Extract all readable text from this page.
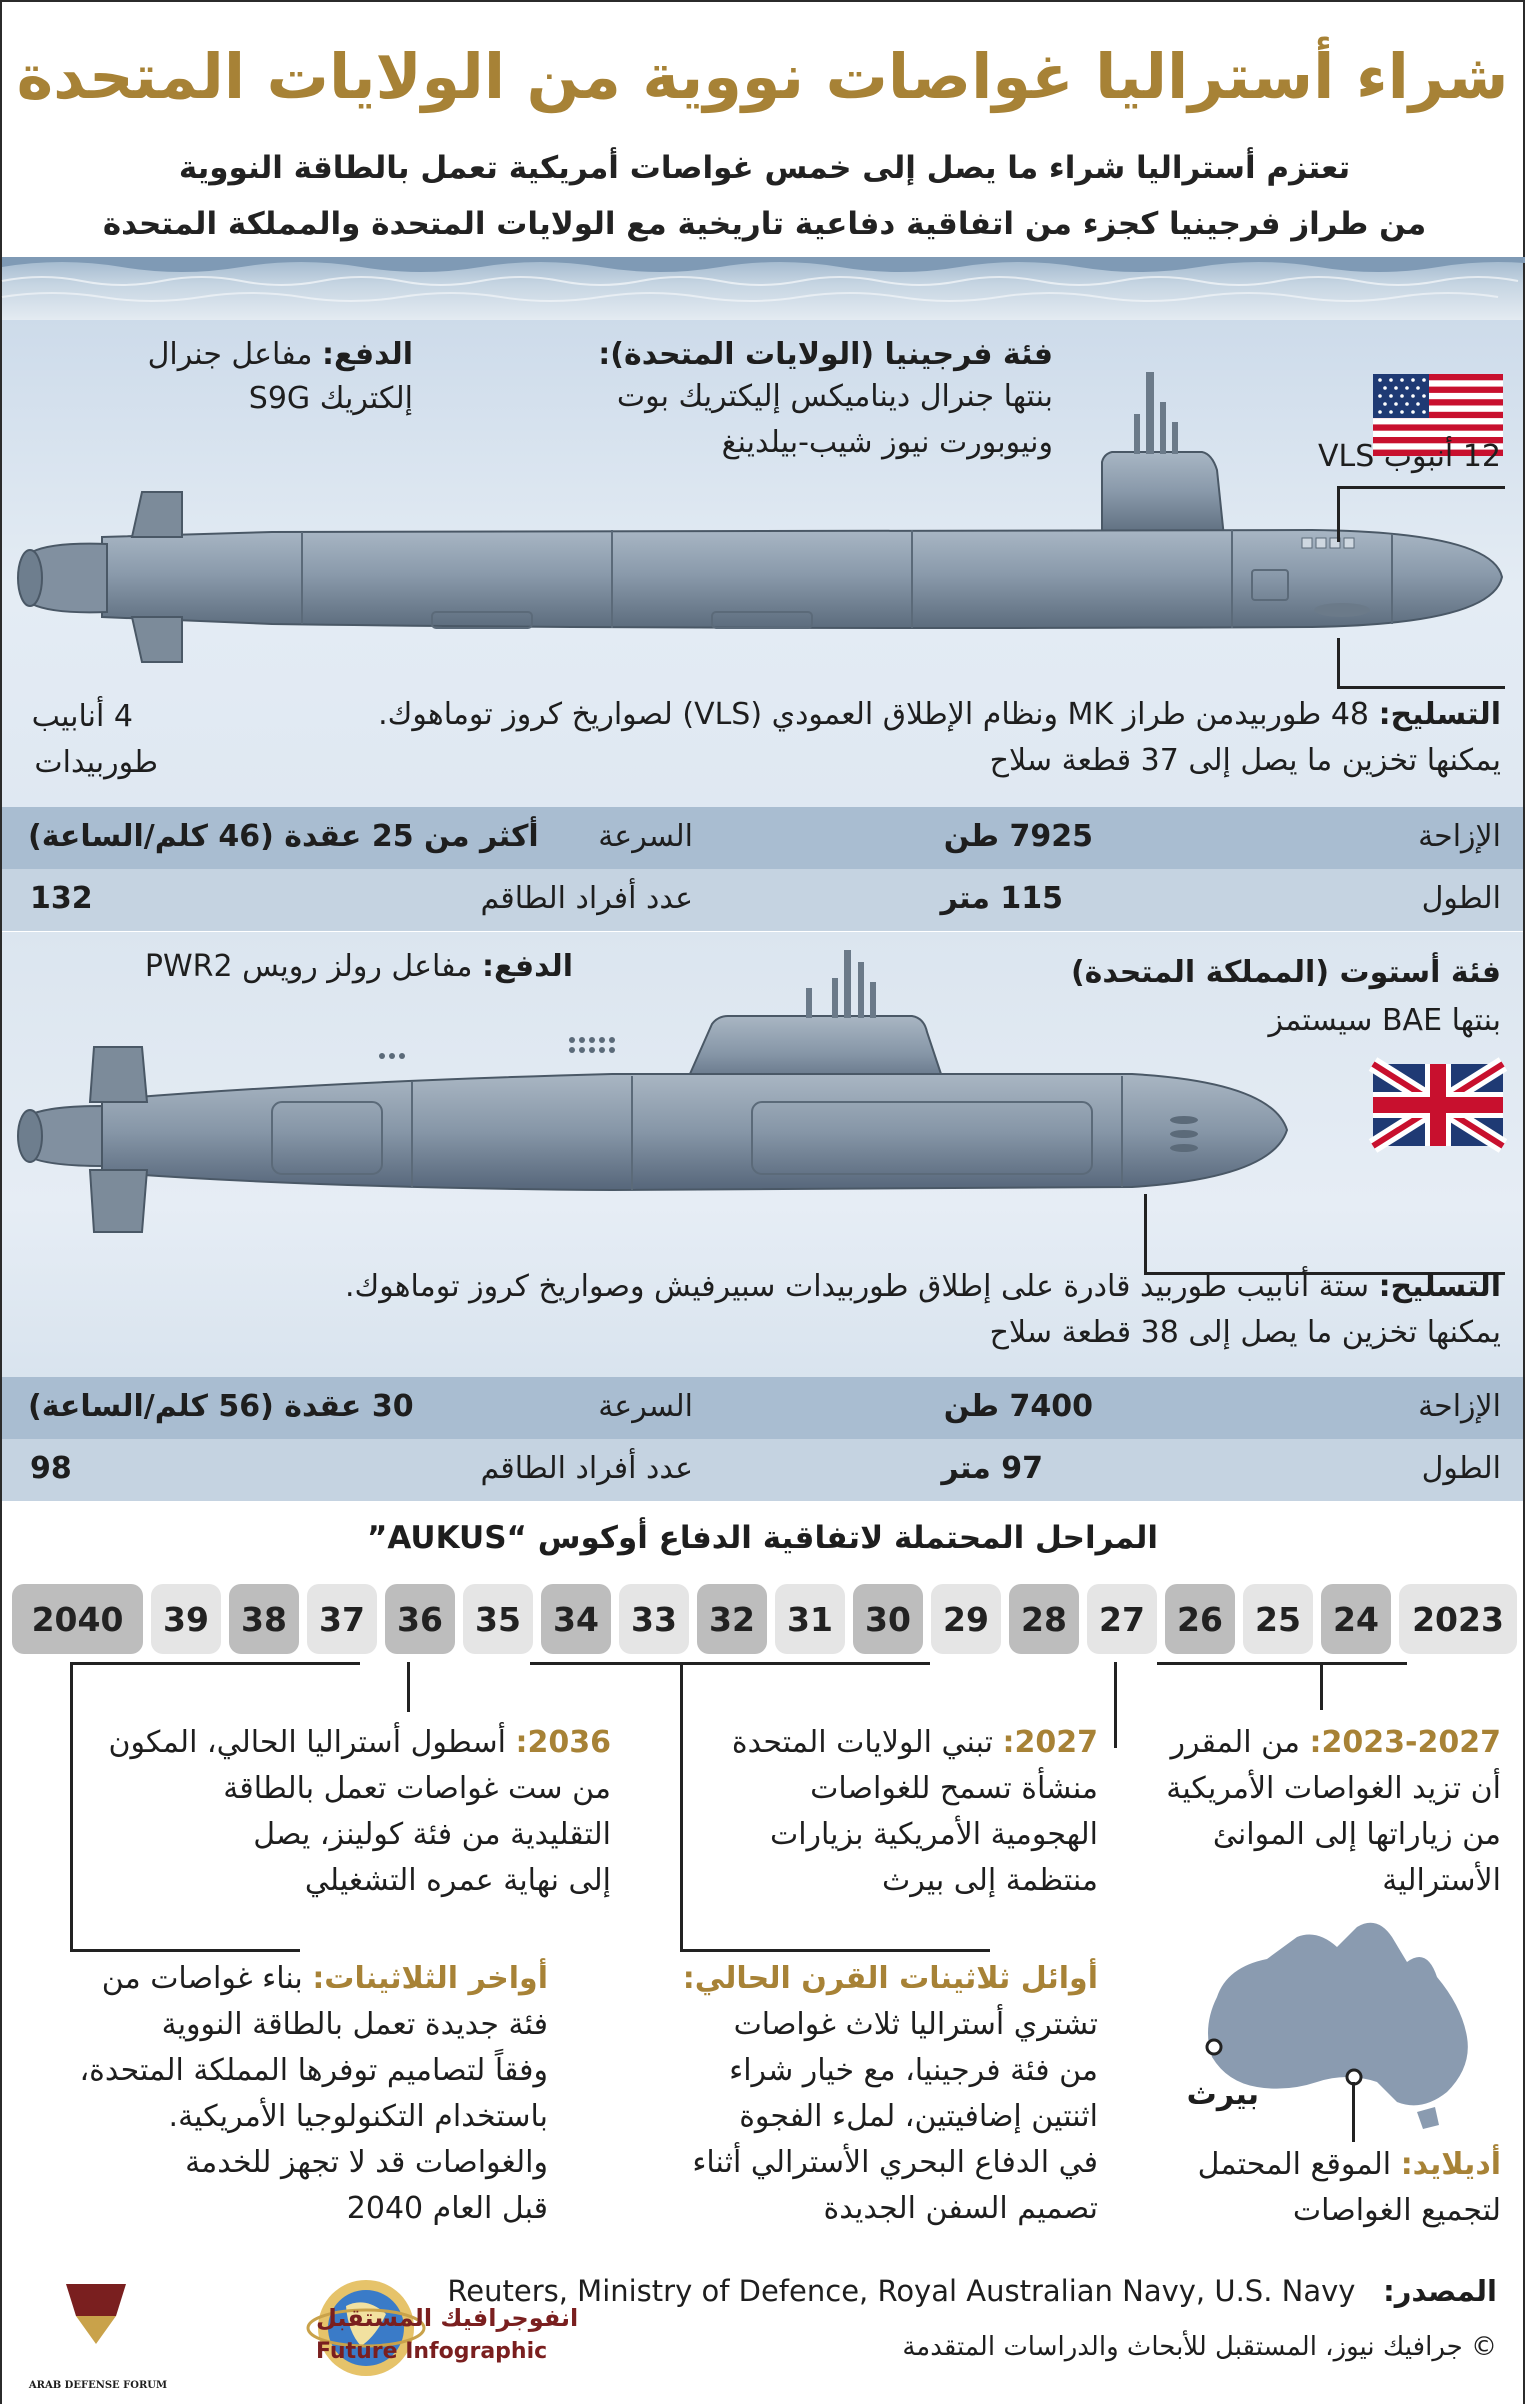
شراء أستراليا غواصات نووية من الولايات المتحدة
تعتزم أستراليا شراء ما يصل إلى خمس غواصات أمريكية تعمل بالطاقة النووية
من طراز فرجينيا كجزء من اتفاقية دفاعية تاريخية مع الولايات المتحدة والمملكة المتحدة
فئة فرجينيا (الولايات المتحدة):
بنتها جنرال ديناميكس إليكتريك بوت
ونيوبورت نيوز شيب-بيلدينغ
الدفع: مفاعل جنرال
إلكتريك S9G
12 أنبوب VLS
4 أنابيب
طوربيدات
التسليح: 48 طوربيدمن طراز MK ونظام الإطلاق العمودي (VLS) لصواريخ كروز توماهوك.
يمكنها تخزين ما يصل إلى 37 قطعة سلاح
الإزاحة
7925 طن
السرعة
أكثر من 25 عقدة (46 كلم/الساعة)
الطول
115 متر
عدد أفراد الطاقم
132
فئة أستوت (المملكة المتحدة)
بنتها BAE سيستمز
الدفع: مفاعل رولز رويس PWR2
التسليح: ستة أنابيب طوربيد قادرة على إطلاق طوربيدات سبيرفيش وصواريخ كروز توماهوك.
يمكنها تخزين ما يصل إلى 38 قطعة سلاح
الإزاحة
7400 طن
السرعة
30 عقدة (56 كلم/الساعة)
الطول
97 متر
عدد أفراد الطاقم
98
المراحل المحتملة لاتفاقية الدفاع أوكوس “AUKUS”
2023
24
25
26
27
28
29
30
31
32
33
34
35
36
37
38
39
2040
2023-2027: من المقرر
أن تزيد الغواصات الأمريكية
من زياراتها إلى الموانئ
الأسترالية
2027: تبني الولايات المتحدة
منشأة تسمح للغواصات
الهجومية الأمريكية بزيارات
منتظمة إلى بيرث
2036: أسطول أستراليا الحالي، المكون
من ست غواصات تعمل بالطاقة
التقليدية من فئة كولينز، يصل
إلى نهاية عمره التشغيلي
أوائل ثلاثينات القرن الحالي:
تشتري أستراليا ثلاث غواصات
من فئة فرجينيا، مع خيار شراء
اثنتين إضافيتين، لملء الفجوة
في الدفاع البحري الأسترالي أثناء
تصميم السفن الجديدة
أواخر الثلاثينات: بناء غواصات من
فئة جديدة تعمل بالطاقة النووية
وفقاً لتصاميم توفرها المملكة المتحدة،
باستخدام التكنولوجيا الأمريكية.
والغواصات قد لا تجهز للخدمة
قبل العام 2040
بيرث
أديلايد: الموقع المحتمل
لتجميع الغواصات
المصدر:   Reuters, Ministry of Defence, Royal Australian Navy, U.S. Navy
© جرافيك نيوز، المستقبل للأبحاث والدراسات المتقدمة
انفوجرافيك المستقبل
Future Infographic
ARAB DEFENSE FORUM
